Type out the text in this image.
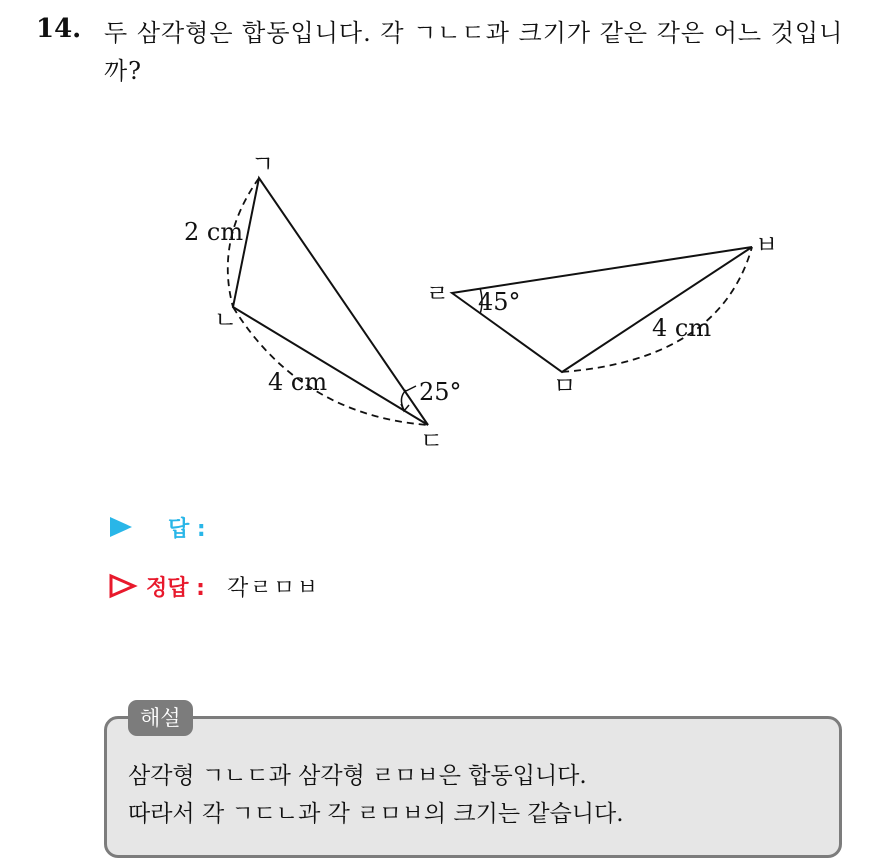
14. 두 삼각형은 합동입니다. 각 ㄱㄴㄷ과 크기가 같은 각은 어느 것입니까?
ㄱ
ㄴ
ㄷ
2 cm
4 cm	25°
ㄹ
ㅁ
ㅂ
45°
4 cm
답 :
정답 : 각ㄹㅁㅂ
해설
삼각형 ㄱㄴㄷ과 삼각형 ㄹㅁㅂ은 합동입니다.
따라서 각 ㄱㄷㄴ과 각 ㄹㅁㅂ의 크기는 같습니다.
